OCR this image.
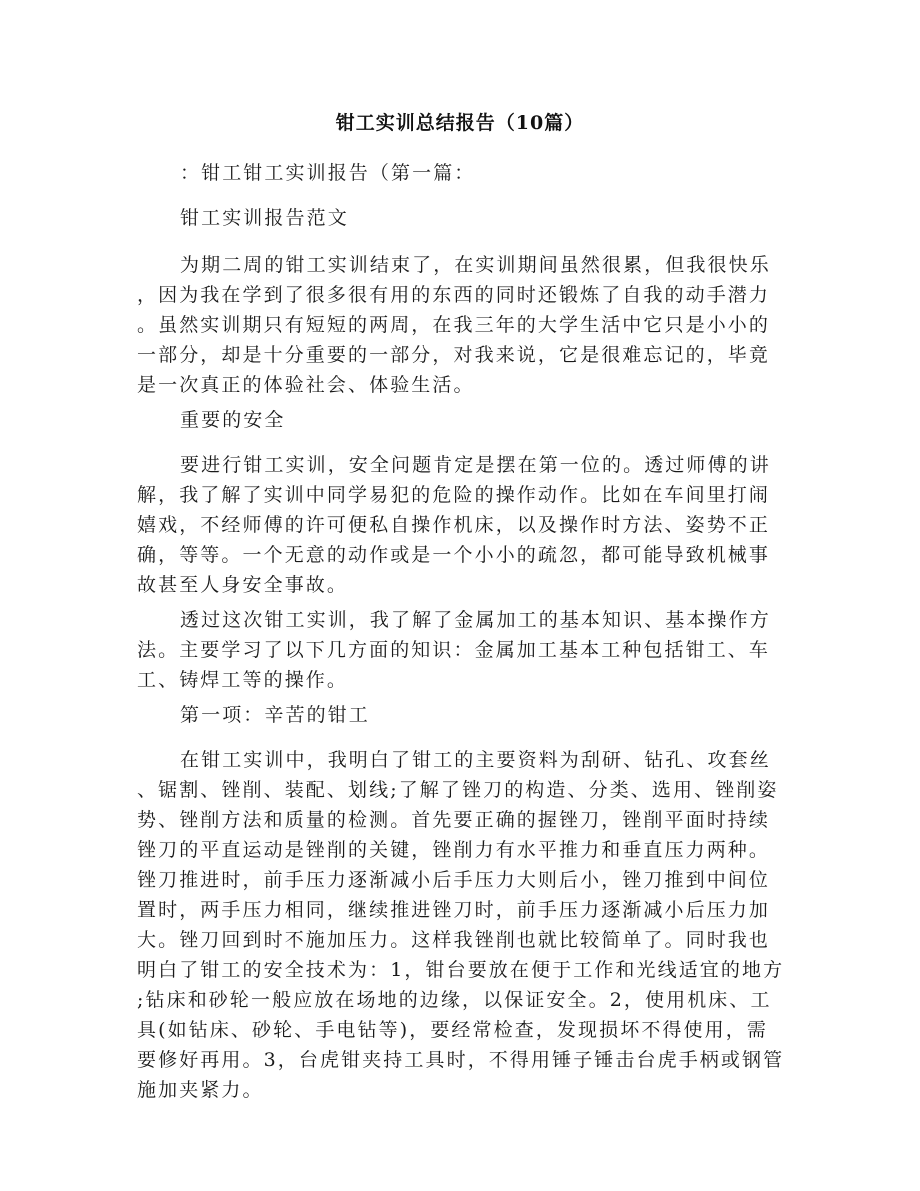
钳工实训总结报告（10篇）
：钳工钳工实训报告（第一篇：
钳工实训报告范文
为期二周的钳工实训结束了，在实训期间虽然很累，但我很快乐
，因为我在学到了很多很有用的东西的同时还锻炼了自我的动手潜力
。虽然实训期只有短短的两周，在我三年的大学生活中它只是小小的
一部分，却是十分重要的一部分，对我来说，它是很难忘记的，毕竟
是一次真正的体验社会、体验生活。
重要的安全
要进行钳工实训，安全问题肯定是摆在第一位的。透过师傅的讲
解，我了解了实训中同学易犯的危险的操作动作。比如在车间里打闹
嬉戏，不经师傅的许可便私自操作机床，以及操作时方法、姿势不正
确，等等。一个无意的动作或是一个小小的疏忽，都可能导致机械事
故甚至人身安全事故。
透过这次钳工实训，我了解了金属加工的基本知识、基本操作方
法。主要学习了以下几方面的知识：金属加工基本工种包括钳工、车
工、铸焊工等的操作。
第一项：辛苦的钳工
在钳工实训中，我明白了钳工的主要资料为刮研、钻孔、攻套丝
、锯割、锉削、装配、划线;了解了锉刀的构造、分类、选用、锉削姿
势、锉削方法和质量的检测。首先要正确的握锉刀，锉削平面时持续
锉刀的平直运动是锉削的关键，锉削力有水平推力和垂直压力两种。
锉刀推进时，前手压力逐渐减小后手压力大则后小，锉刀推到中间位
置时，两手压力相同，继续推进锉刀时，前手压力逐渐减小后压力加
大。锉刀回到时不施加压力。这样我锉削也就比较简单了。同时我也
明白了钳工的安全技术为：1，钳台要放在便于工作和光线适宜的地方
;钻床和砂轮一般应放在场地的边缘，以保证安全。2，使用机床、工
具(如钻床、砂轮、手电钻等)，要经常检查，发现损坏不得使用，需
要修好再用。3，台虎钳夹持工具时，不得用锤子锤击台虎手柄或钢管
施加夹紧力。
